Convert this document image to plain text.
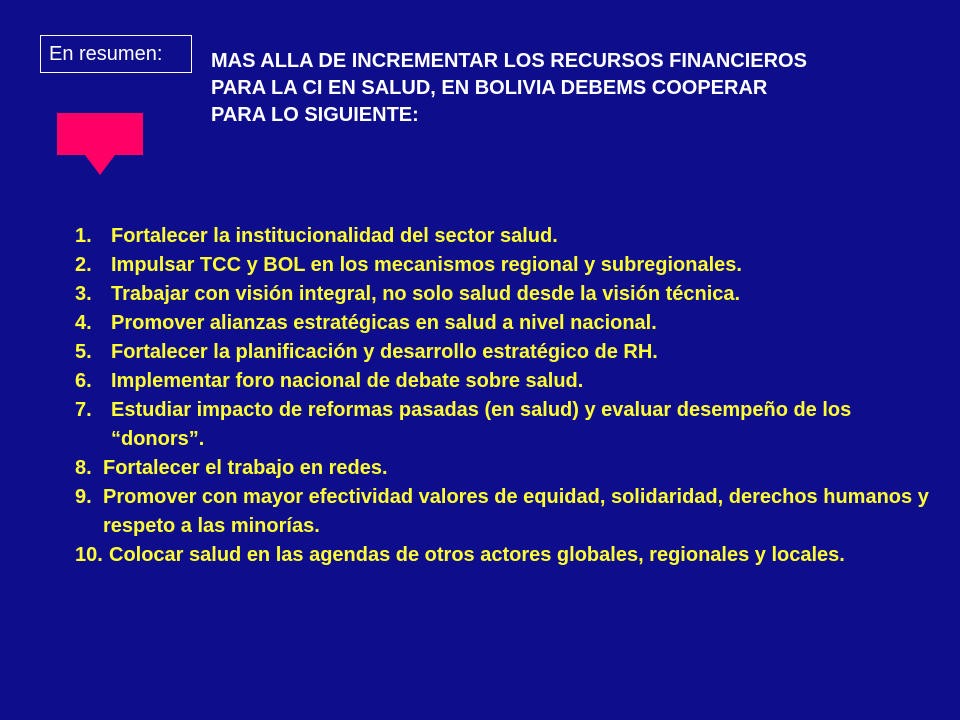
En resumen:	MAS ALLA DE INCREMENTAR LOS RECURSOS FINANCIEROS
PARA LA CI EN SALUD, EN BOLIVIA DEBEMS COOPERAR
PARA LO SIGUIENTE:

1. Fortalecer la institucionalidad del sector salud.
2. Impulsar TCC y BOL en los mecanismos regional y subregionales.
3. Trabajar con visión integral, no solo salud desde la visión técnica.
4. Promover alianzas estratégicas en salud a nivel nacional.
5. Fortalecer la planificación y desarrollo estratégico de RH.
6. Implementar foro nacional de debate sobre salud.
7. Estudiar impacto de reformas pasadas (en salud) y evaluar desempeño de los “donors”.
8. Fortalecer el trabajo en redes.
9. Promover con mayor efectividad valores de equidad, solidaridad, derechos humanos y respeto a las minorías.
10. Colocar salud en las agendas de otros actores globales, regionales y locales.
